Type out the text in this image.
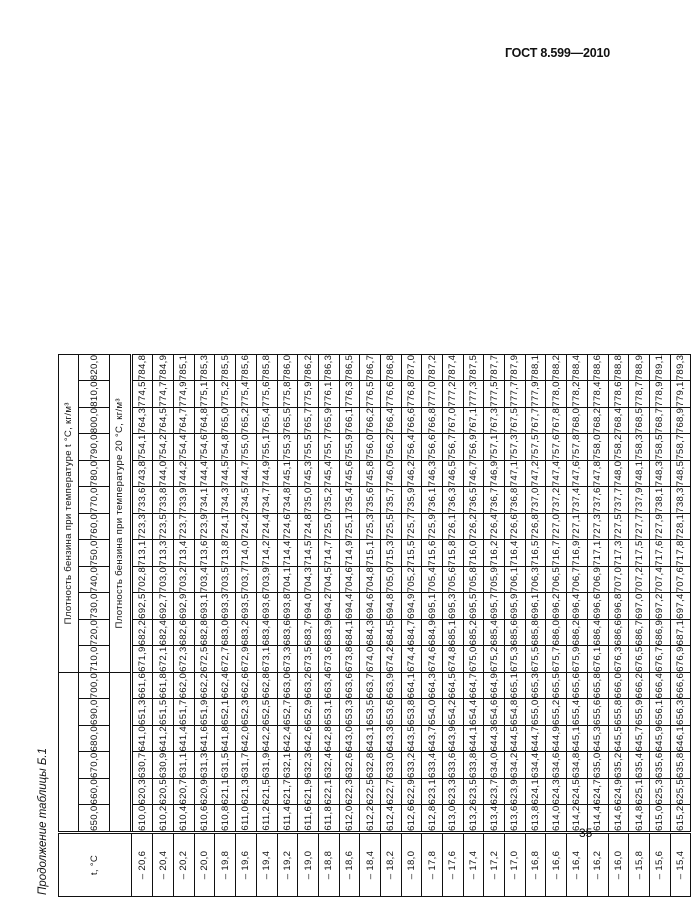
ГОСТ 8.599—2010
35
Продолжение таблицы Б.1	t, °C							Плотность бензина при температуре t °C, кг/м³											
	650,0	660,0	670,0	680,0	690,0	700,0	710,0	720,0	730,0	740,0	750,0	760,0	770,0	780,0	790,0	800,0	810,0	820,0
							Плотность бензина при температуре 20 °C, кг/м³											
– 20,6	610,0	620,3	630,7	641,0	651,3	661,6	671,9	682,2	692,5	702,8	713,1	723,3	733,6	743,8	754,1	764,3	774,5	784,8
– 20,4	610,2	620,5	630,9	641,2	651,5	661,8	672,1	682,4	692,7	703,0	713,3	723,5	733,8	744,0	754,2	764,5	774,7	784,9
– 20,2	610,4	620,7	631,1	641,4	651,7	662,0	672,3	682,6	692,9	703,2	713,4	723,7	733,9	744,2	754,4	764,7	774,9	785,1
– 20,0	610,6	620,9	631,3	641,6	651,9	662,2	672,5	682,8	693,1	703,4	713,6	723,9	734,1	744,4	754,6	764,8	775,1	785,3
– 19,8	610,8	621,1	631,5	641,8	652,1	662,4	672,7	683,0	693,3	703,5	713,8	724,1	734,3	744,5	754,8	765,0	775,2	785,5
– 19,6	611,0	621,3	631,7	642,0	652,3	662,6	672,9	683,2	693,5	703,7	714,0	724,2	734,5	744,7	755,0	765,2	775,4	785,6
– 19,4	611,2	621,5	631,9	642,2	652,5	662,8	673,1	683,4	693,6	703,9	714,2	724,4	734,7	744,9	755,1	765,4	775,6	785,8
– 19,2	611,4	621,7	632,1	642,4	652,7	663,0	673,3	683,6	693,8	704,1	714,4	724,6	734,8	745,1	755,3	765,5	775,8	786,0
– 19,0	611,6	621,9	632,3	642,6	652,9	663,2	673,5	683,7	694,0	704,3	714,5	724,8	735,0	745,3	755,5	765,7	775,9	786,2
– 18,8	611,8	622,1	632,4	642,8	653,1	663,4	673,6	683,9	694,2	704,5	714,7	725,0	735,2	745,4	755,7	765,9	776,1	786,3
– 18,6	612,0	622,3	632,6	643,0	653,3	663,6	673,8	684,1	694,4	704,6	714,9	725,1	735,4	745,6	755,9	766,1	776,3	786,5
– 18,4	612,2	622,5	632,8	643,1	653,5	663,7	674,0	684,3	694,6	704,8	715,1	725,3	735,6	745,8	756,0	766,2	776,5	786,7
– 18,2	612,4	622,7	633,0	643,3	653,6	663,9	674,2	684,5	694,8	705,0	715,3	725,5	735,7	746,0	756,2	766,4	776,6	786,8
– 18,0	612,6	622,9	633,2	643,5	653,8	664,1	674,4	684,7	694,9	705,2	715,5	725,7	735,9	746,2	756,4	766,6	776,8	787,0
– 17,8	612,8	623,1	633,4	643,7	654,0	664,3	674,6	684,9	695,1	705,4	715,6	725,9	736,1	746,3	756,6	766,8	777,0	787,2
– 17,6	613,0	623,3	633,6	643,9	654,2	664,5	674,8	685,1	695,3	705,6	715,8	726,1	736,3	746,5	756,7	767,0	777,2	787,4
– 17,4	613,2	623,5	633,8	644,1	654,4	664,7	675,0	685,2	695,5	705,8	716,0	726,2	736,5	746,7	756,9	767,1	777,3	787,5
– 17,2	613,4	623,7	634,0	644,3	654,6	664,9	675,2	685,4	695,7	705,9	716,2	726,4	736,7	746,9	757,1	767,3	777,5	787,7
– 17,0	613,6	623,9	634,2	644,5	654,8	665,1	675,3	685,6	695,9	706,1	716,4	726,6	736,8	747,1	757,3	767,5	777,7	787,9
– 16,8	613,8	624,1	634,4	644,7	655,0	665,3	675,5	685,8	696,1	706,3	716,5	726,8	737,0	747,2	757,5	767,7	777,9	788,1
– 16,6	614,0	624,3	634,6	644,9	655,2	665,5	675,7	686,0	696,2	706,5	716,7	727,0	737,2	747,4	757,6	767,8	778,0	788,2
– 16,4	614,2	624,5	634,8	645,1	655,4	665,6	675,9	686,2	696,4	706,7	716,9	727,1	737,4	747,6	757,8	768,0	778,2	788,4
– 16,2	614,4	624,7	635,0	645,3	655,6	665,8	676,1	686,4	696,6	706,9	717,1	727,3	737,6	747,8	758,0	768,2	778,4	788,6
– 16,0	614,6	624,9	635,2	645,5	655,8	666,0	676,3	686,6	696,8	707,0	717,3	727,5	737,7	748,0	758,2	768,4	778,6	788,8
– 15,8	614,8	625,1	635,4	645,7	655,9	666,2	676,5	686,7	697,0	707,2	717,5	727,7	737,9	748,1	758,3	768,5	778,7	788,9
– 15,6	615,0	625,3	635,6	645,9	656,1	666,4	676,7	686,9	697,2	707,4	717,6	727,9	738,1	748,3	758,5	768,7	778,9	789,1
– 15,4	615,2	625,5	635,8	646,1	656,3	666,6	676,9	687,1	697,4	707,6	717,8	728,1	738,3	748,5	758,7	768,9	779,1	789,3
